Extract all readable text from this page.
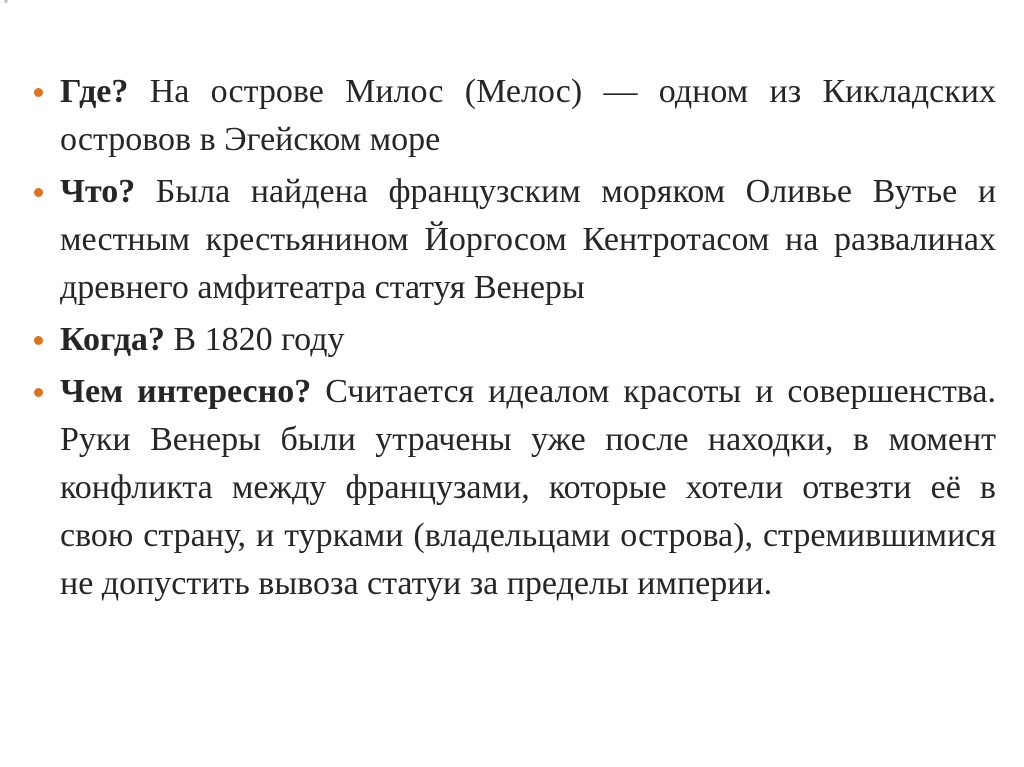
°
Где? На острове Милос (Мелос) — одном из Кикладских островов в Эгейском море
Что? Была найдена французским моряком Оливье Вутье и местным крестьянином Йоргосом Кентротасом на развалинах древнего амфитеатра статуя Венеры
Когда? В 1820 году
Чем интересно? Считается идеалом красоты и совершенства. Руки Венеры были утрачены уже после находки, в момент конфликта между французами, которые хотели отвезти её в свою страну, и турками (владельцами острова), стремившимися не допустить вывоза статуи за пределы империи.
